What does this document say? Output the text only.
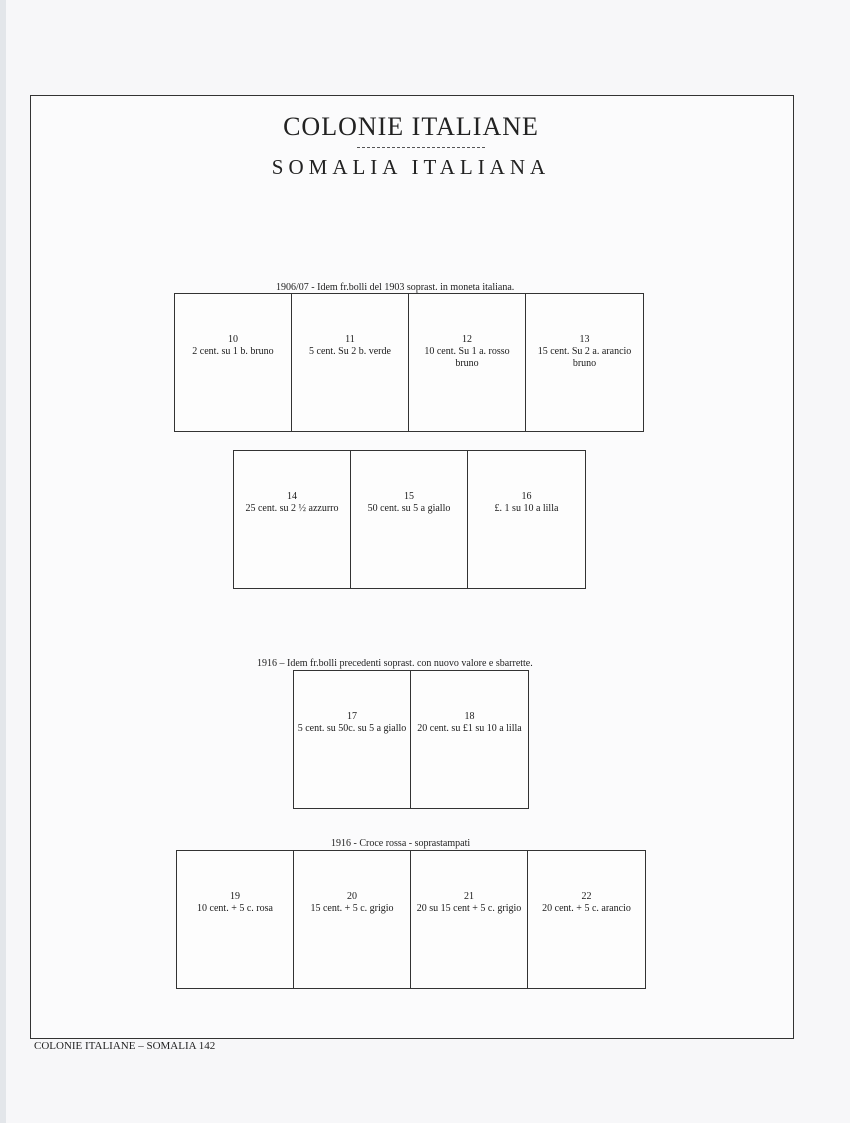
COLONIE ITALIANE
SOMALIA ITALIANA
1906/07 - Idem fr.bolli del 1903 soprast. in moneta italiana.
10
2 cent. su 1 b. bruno
11
5 cent. Su 2 b. verde
12
10 cent. Su 1 a. rosso bruno
13
15 cent. Su 2 a. arancio bruno
14
25 cent. su 2 ½ azzurro
15
50 cent. su 5 a giallo
16
£. 1 su 10 a lilla
1916 – Idem fr.bolli precedenti soprast. con nuovo valore e sbarrette.
17
5 cent. su 50c. su 5 a giallo
18
20 cent. su £1 su 10 a lilla
1916 - Croce rossa - soprastampati
19
10 cent. + 5 c. rosa
20
15 cent. + 5 c. grigio
21
20 su 15 cent + 5 c. grigio
22
20 cent. + 5 c. arancio
COLONIE ITALIANE – SOMALIA 142
